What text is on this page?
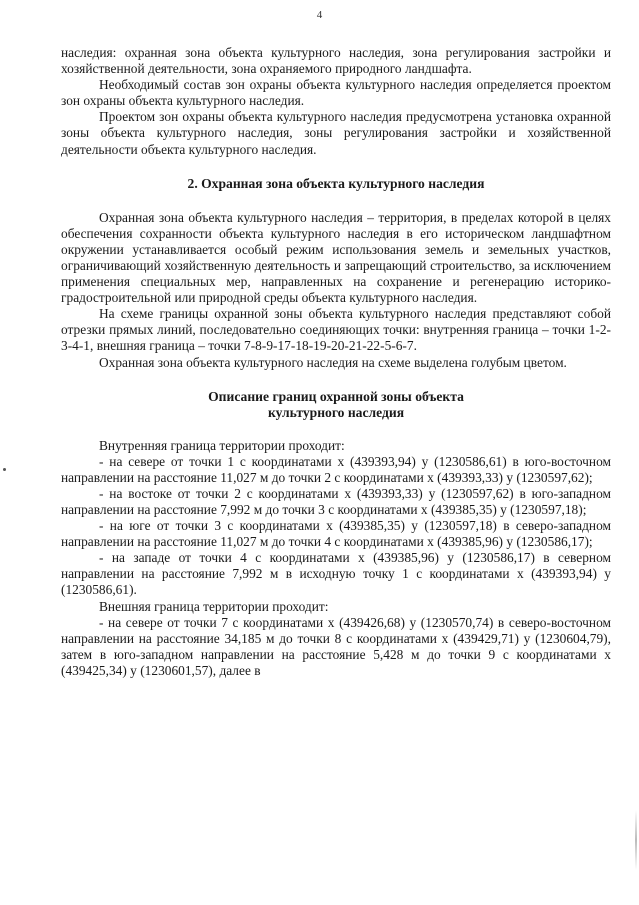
4

наследия: охранная зона объекта культурного наследия, зона регулирования застройки и хозяйственной деятельности, зона охраняемого природного ландшафта.

Необходимый состав зон охраны объекта культурного наследия определяется проектом зон охраны объекта культурного наследия.

Проектом зон охраны объекта культурного наследия предусмотрена установка охранной зоны объекта культурного наследия, зоны регулирования застройки и хозяйственной деятельности объекта культурного наследия.

2. Охранная зона объекта культурного наследия

Охранная зона объекта культурного наследия – территория, в пределах которой в целях обеспечения сохранности объекта культурного наследия в его историческом ландшафтном окружении устанавливается особый режим использования земель и земельных участков, ограничивающий хозяйственную деятельность и запрещающий строительство, за исключением применения специальных мер, направленных на сохранение и регенерацию историко-градостроительной или природной среды объекта культурного наследия.

На схеме границы охранной зоны объекта культурного наследия представляют собой отрезки прямых линий, последовательно соединяющих точки: внутренняя граница – точки 1-2-3-4-1, внешняя граница – точки 7-8-9-17-18-19-20-21-22-5-6-7.

Охранная зона объекта культурного наследия на схеме выделена голубым цветом.

Описание границ охранной зоны объекта
культурного наследия

Внутренняя граница территории проходит:

- на севере от точки 1 с координатами х (439393,94) у (1230586,61) в юго-восточном направлении на расстояние 11,027 м до точки 2 с координатами х (439393,33) у (1230597,62);

- на востоке от точки 2 с координатами х (439393,33) у (1230597,62) в юго-западном направлении на расстояние 7,992 м до точки 3 с координатами х (439385,35) у (1230597,18);

- на юге от точки 3 с координатами х (439385,35) у (1230597,18) в северо-западном направлении на расстояние 11,027 м до точки 4 с координатами х (439385,96) у (1230586,17);

- на западе от точки 4 с координатами х (439385,96) у (1230586,17) в северном направлении на расстояние 7,992 м в исходную точку 1 с координатами х (439393,94) у (1230586,61).

Внешняя граница территории проходит:

- на севере от точки 7 с координатами х (439426,68) у (1230570,74) в северо-восточном направлении на расстояние 34,185 м до точки 8 с координатами х (439429,71) у (1230604,79), затем в юго-западном направлении на расстояние 5,428 м до точки 9 с координатами х (439425,34) у (1230601,57), далее в
